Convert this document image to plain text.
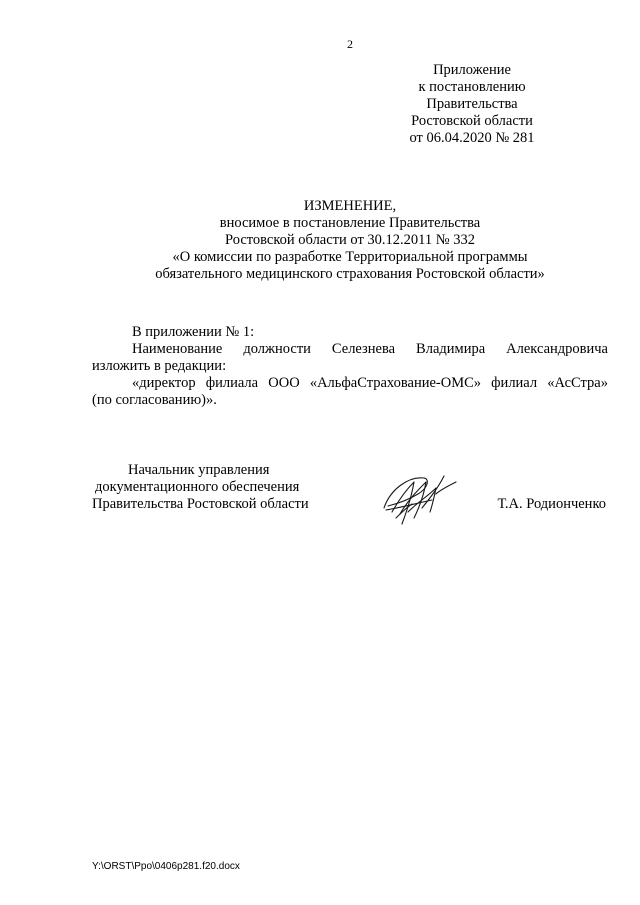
2
Приложение
к постановлению
Правительства
Ростовской области
от 06.04.2020 № 281
ИЗМЕНЕНИЕ,
вносимое в постановление Правительства
Ростовской области от 30.12.2011 № 332
«О комиссии по разработке Территориальной программы
обязательного медицинского страхования Ростовской области»
В приложении № 1:
Наименование должности Селезнева Владимира Александровича
изложить в редакции:
«директор филиала ООО «АльфаСтрахование-ОМС» филиал «АсСтра»
(по согласованию)».
Начальник управления
документационного обеспечения
Правительства Ростовской области	Т.А. Родионченко
Y:\ORST\Ppo\0406p281.f20.docx
